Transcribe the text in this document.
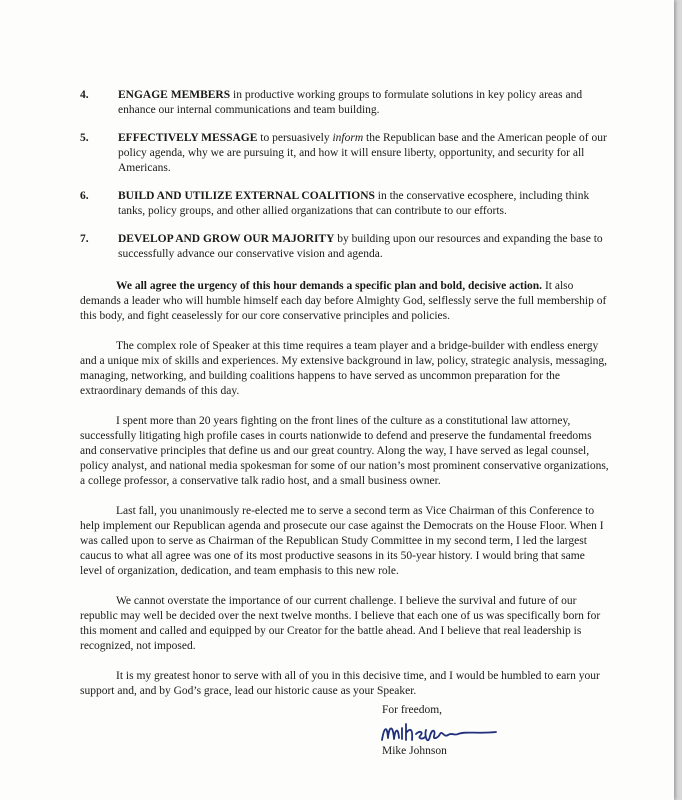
4.	ENGAGE MEMBERS in productive working groups to formulate solutions in key policy areas and enhance our internal communications and team building.
5.	EFFECTIVELY MESSAGE to persuasively inform the Republican base and the American people of our policy agenda, why we are pursuing it, and how it will ensure liberty, opportunity, and security for all Americans.
6.	BUILD AND UTILIZE EXTERNAL COALITIONS in the conservative ecosphere, including think tanks, policy groups, and other allied organizations that can contribute to our efforts.
7.	DEVELOP AND GROW OUR MAJORITY by building upon our resources and expanding the base to successfully advance our conservative vision and agenda.

We all agree the urgency of this hour demands a specific plan and bold, decisive action. It also demands a leader who will humble himself each day before Almighty God, selflessly serve the full membership of this body, and fight ceaselessly for our core conservative principles and policies.

The complex role of Speaker at this time requires a team player and a bridge-builder with endless energy and a unique mix of skills and experiences. My extensive background in law, policy, strategic analysis, messaging, managing, networking, and building coalitions happens to have served as uncommon preparation for the extraordinary demands of this day.

I spent more than 20 years fighting on the front lines of the culture as a constitutional law attorney, successfully litigating high profile cases in courts nationwide to defend and preserve the fundamental freedoms and conservative principles that define us and our great country. Along the way, I have served as legal counsel, policy analyst, and national media spokesman for some of our nation’s most prominent conservative organizations, a college professor, a conservative talk radio host, and a small business owner.

Last fall, you unanimously re-elected me to serve a second term as Vice Chairman of this Conference to help implement our Republican agenda and prosecute our case against the Democrats on the House Floor. When I was called upon to serve as Chairman of the Republican Study Committee in my second term, I led the largest caucus to what all agree was one of its most productive seasons in its 50-year history. I would bring that same level of organization, dedication, and team emphasis to this new role.

We cannot overstate the importance of our current challenge. I believe the survival and future of our republic may well be decided over the next twelve months. I believe that each one of us was specifically born for this moment and called and equipped by our Creator for the battle ahead. And I believe that real leadership is recognized, not imposed.

It is my greatest honor to serve with all of you in this decisive time, and I would be humbled to earn your support and, and by God’s grace, lead our historic cause as your Speaker.

For freedom,
Mike Johnson
